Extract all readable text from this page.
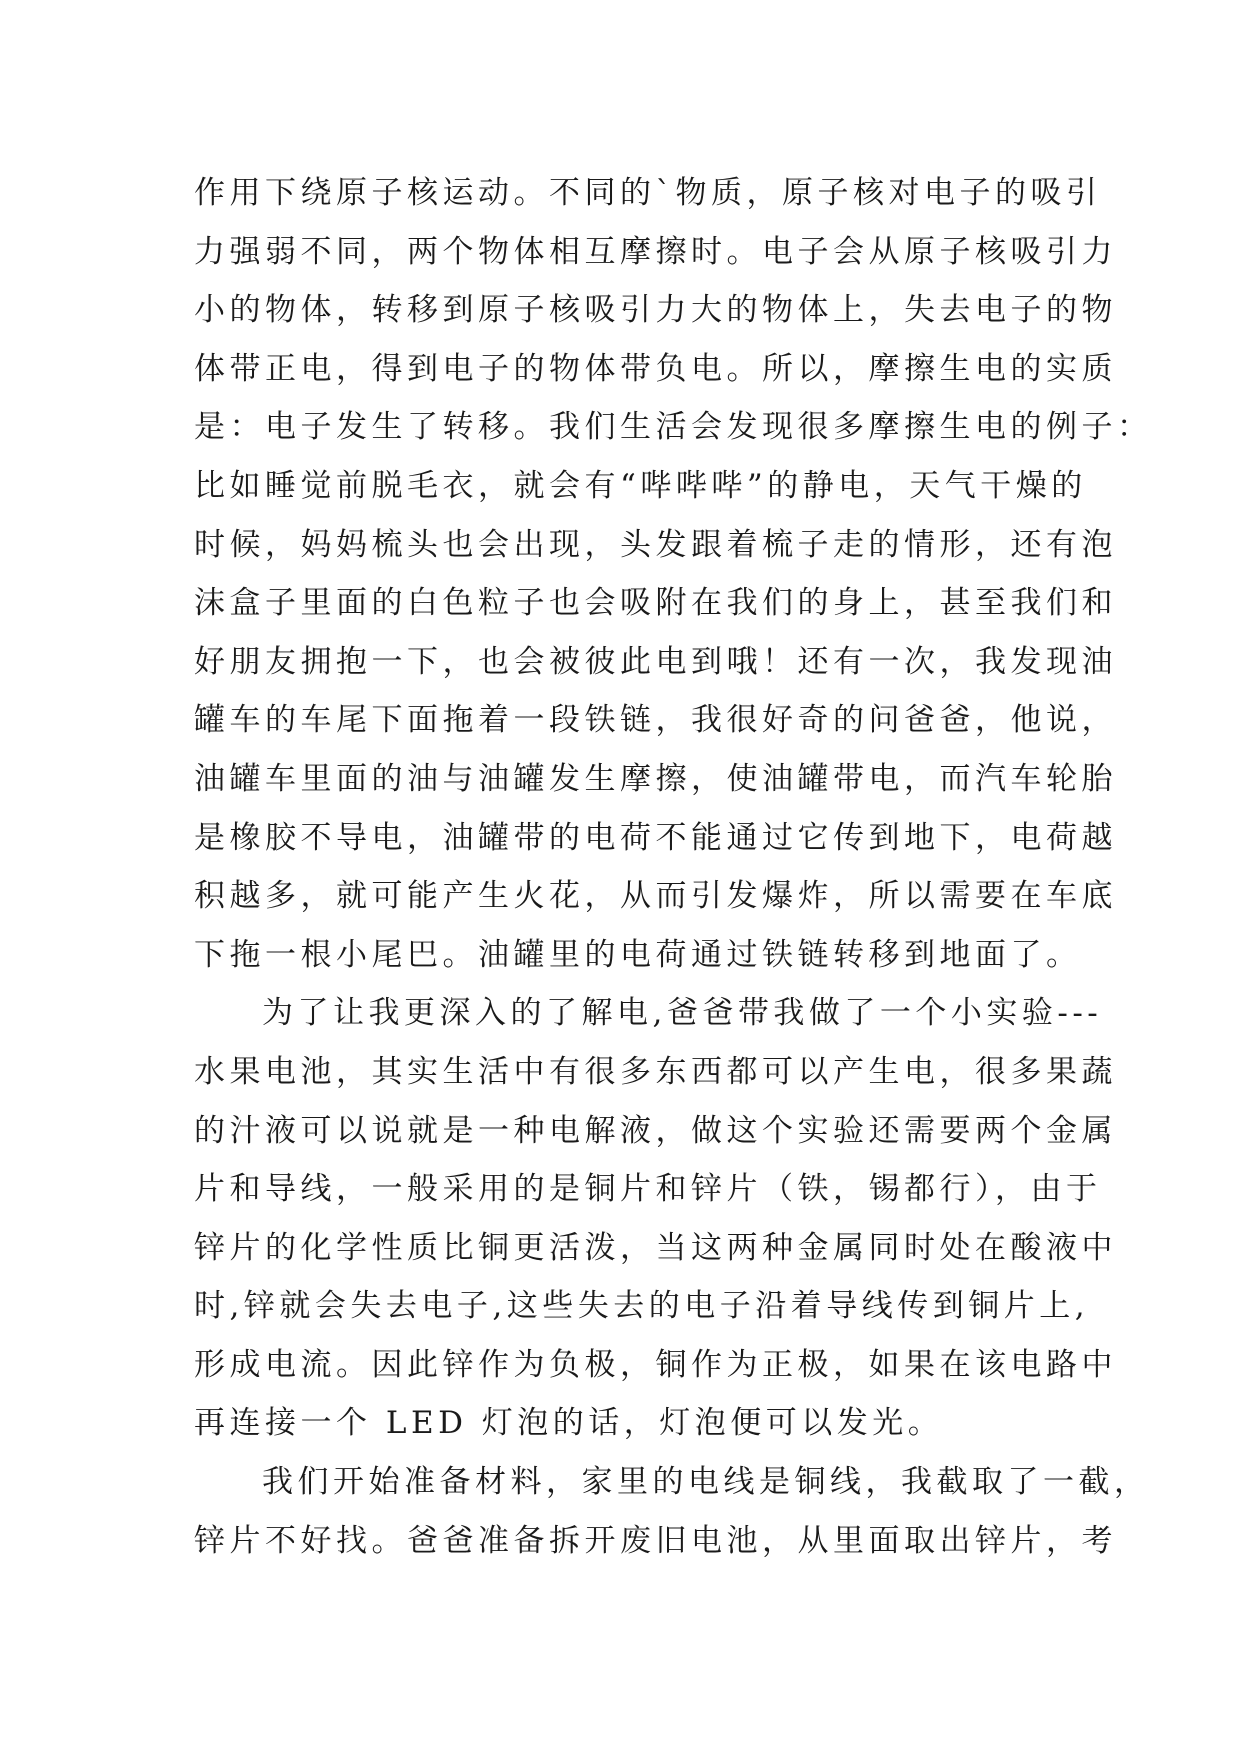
作用下绕原子核运动。不同的`物质，原子核对电子的吸引
力强弱不同，两个物体相互摩擦时。电子会从原子核吸引力
小的物体，转移到原子核吸引力大的物体上，失去电子的物
体带正电，得到电子的物体带负电。所以，摩擦生电的实质
是：电子发生了转移。我们生活会发现很多摩擦生电的例子：
比如睡觉前脱毛衣，就会有“哔哔哔”的静电，天气干燥的
时候，妈妈梳头也会出现，头发跟着梳子走的情形，还有泡
沫盒子里面的白色粒子也会吸附在我们的身上，甚至我们和
好朋友拥抱一下，也会被彼此电到哦！还有一次，我发现油
罐车的车尾下面拖着一段铁链，我很好奇的问爸爸，他说，
油罐车里面的油与油罐发生摩擦，使油罐带电，而汽车轮胎
是橡胶不导电，油罐带的电荷不能通过它传到地下，电荷越
积越多，就可能产生火花，从而引发爆炸，所以需要在车底
下拖一根小尾巴。油罐里的电荷通过铁链转移到地面了。
为了让我更深入的了解电,爸爸带我做了一个小实验---
水果电池，其实生活中有很多东西都可以产生电，很多果蔬
的汁液可以说就是一种电解液，做这个实验还需要两个金属
片和导线，一般采用的是铜片和锌片（铁，锡都行），由于
锌片的化学性质比铜更活泼，当这两种金属同时处在酸液中
时,锌就会失去电子,这些失去的电子沿着导线传到铜片上,
形成电流。因此锌作为负极，铜作为正极，如果在该电路中
再连接一个 LED 灯泡的话，灯泡便可以发光。
我们开始准备材料，家里的电线是铜线，我截取了一截，
锌片不好找。爸爸准备拆开废旧电池，从里面取出锌片，考
